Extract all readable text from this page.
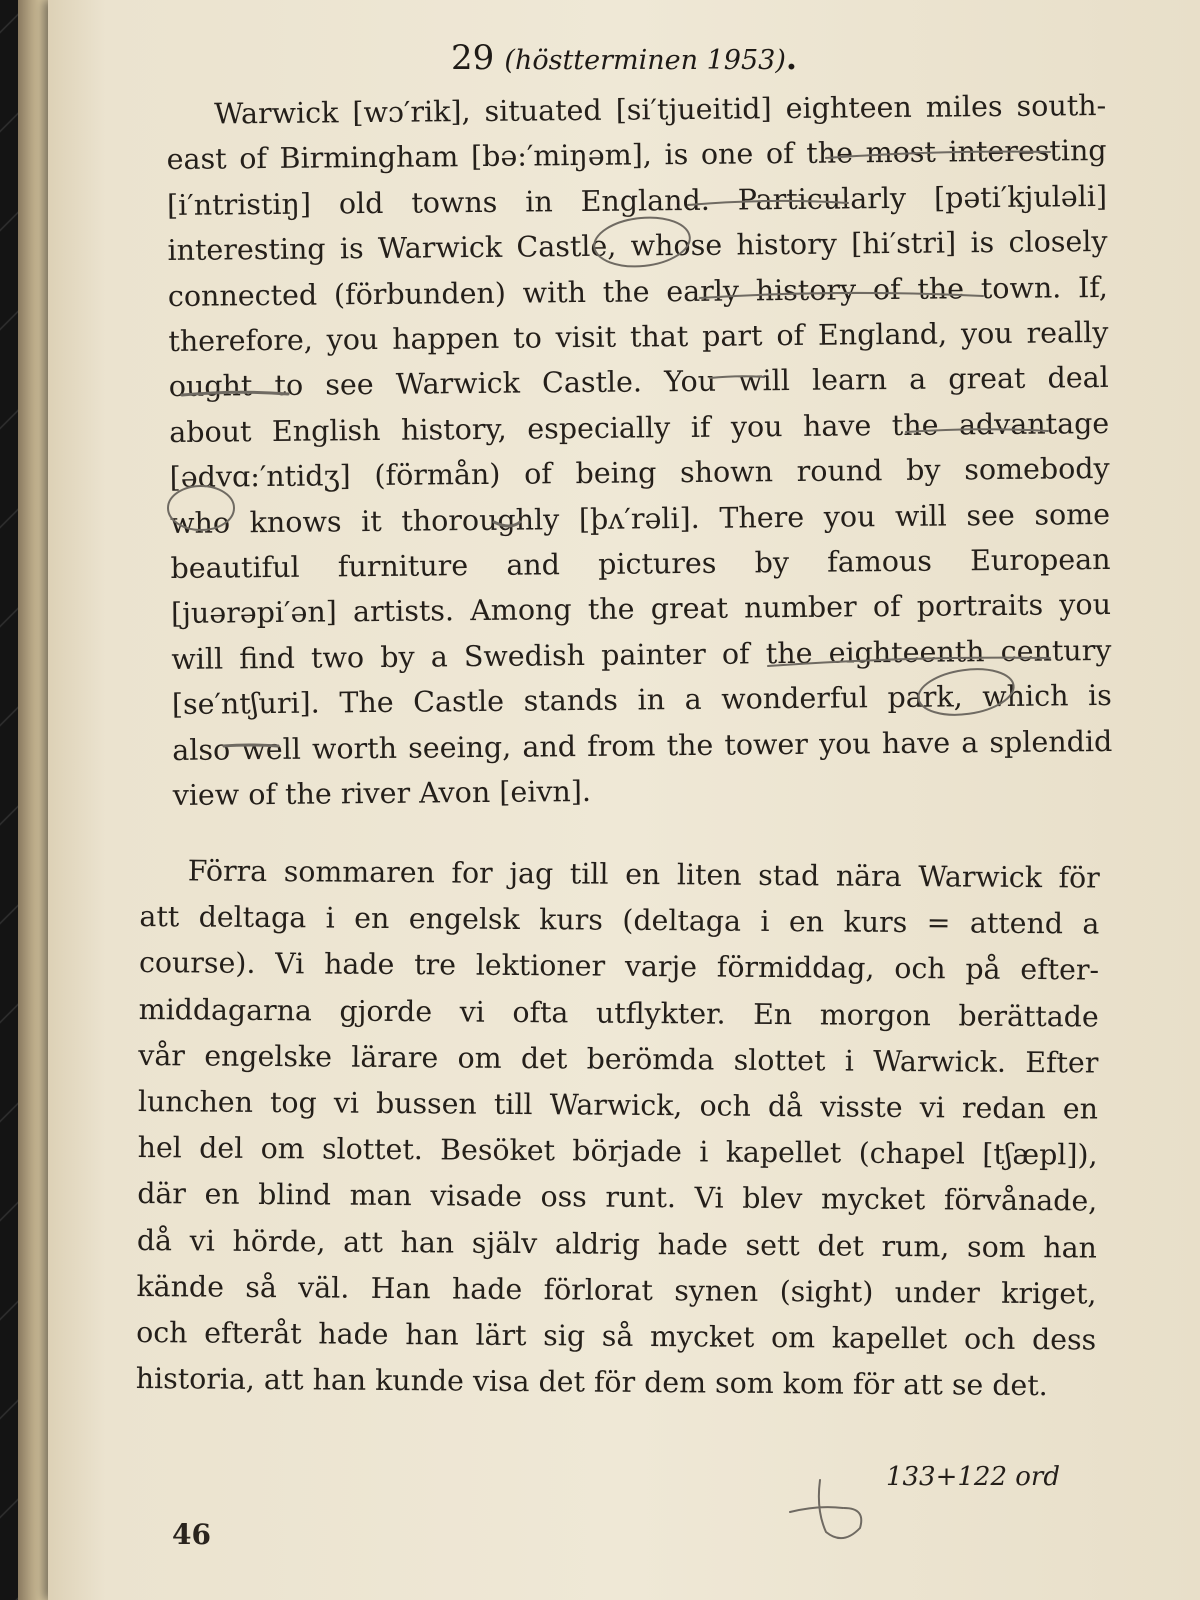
29 (höstterminen 1953).
Warwick [wɔ′rik], situated [si′tjueitid] eighteen miles south-
east of Birmingham [bə:′miŋəm], is one of the most interesting
[i′ntristiŋ] old towns in England. Particularly [pəti′kjuləli]
interesting is Warwick Castle, whose history [hi′stri] is closely
connected (förbunden) with the early history of the town. If,
therefore, you happen to visit that part of England, you really
ought to see Warwick Castle. You will learn a great deal
about English history, especially if you have the advantage
[ədvɑ:′ntidʒ] (förmån) of being shown round by somebody
who knows it thoroughly [þʌ′rəli]. There you will see some
beautiful furniture and pictures by famous European
[juərəpi′ən] artists. Among the great number of portraits you
will find two by a Swedish painter of the eighteenth century
[se′ntʃuri]. The Castle stands in a wonderful park, which is
also well worth seeing, and from the tower you have a splendid
view of the river Avon [eivn].
Förra sommaren for jag till en liten stad nära Warwick för
att deltaga i en engelsk kurs (deltaga i en kurs = attend a
course). Vi hade tre lektioner varje förmiddag, och på efter-
middagarna gjorde vi ofta utflykter. En morgon berättade
vår engelske lärare om det berömda slottet i Warwick. Efter
lunchen tog vi bussen till Warwick, och då visste vi redan en
hel del om slottet. Besöket började i kapellet (chapel [tʃæpl]),
där en blind man visade oss runt. Vi blev mycket förvånade,
då vi hörde, att han själv aldrig hade sett det rum, som han
kände så väl. Han hade förlorat synen (sight) under kriget,
och efteråt hade han lärt sig så mycket om kapellet och dess
historia, att han kunde visa det för dem som kom för att se det.
133+122 ord
46
